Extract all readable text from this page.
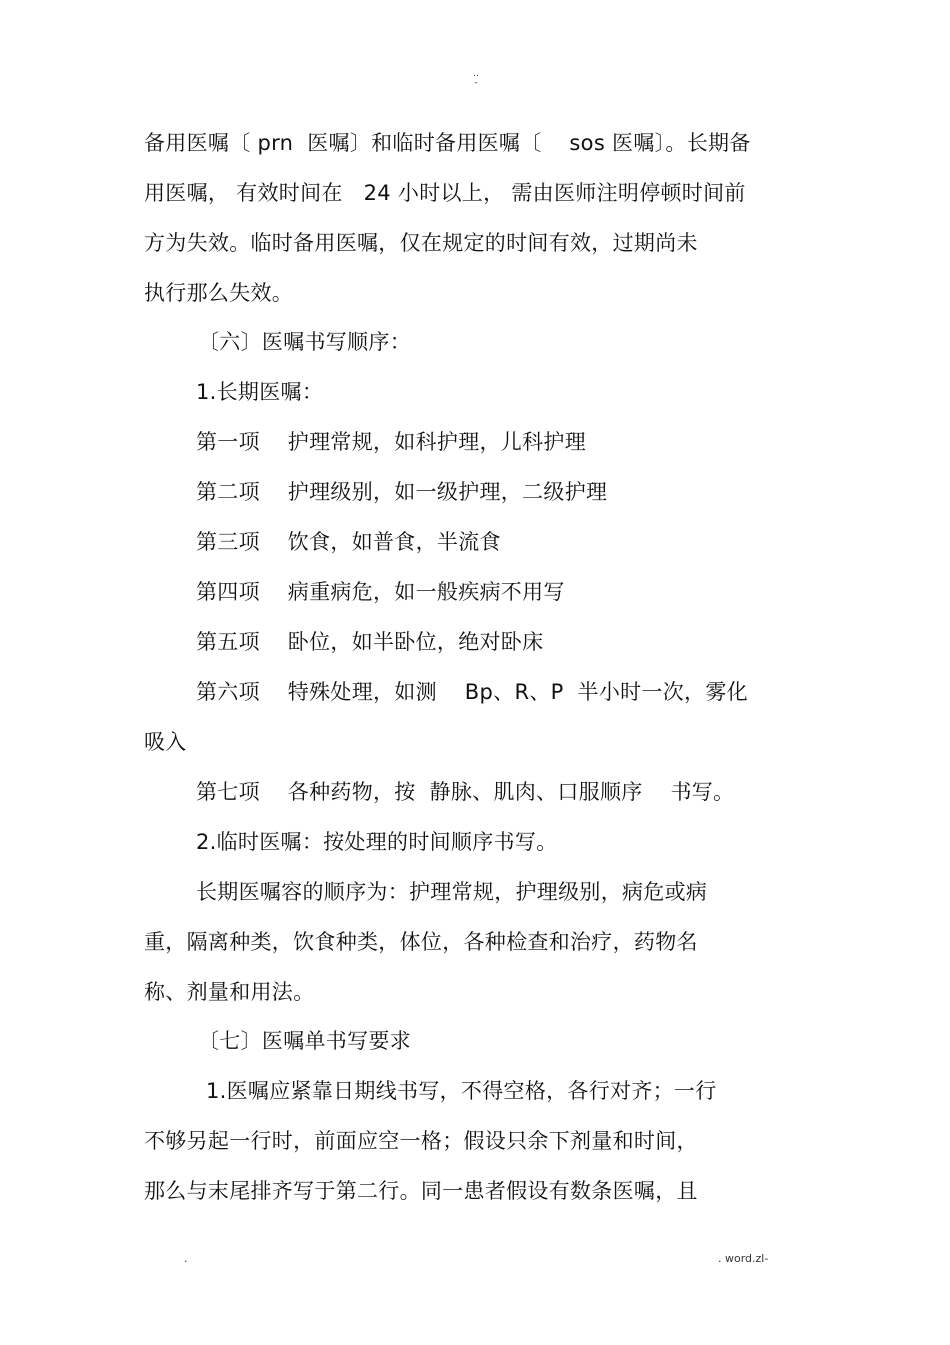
..
-
备用医嘱〔 prn  医嘱〕和临时备用医嘱〔    sos 医嘱〕。长期备
用医嘱， 有效时间在   24 小时以上， 需由医师注明停顿时间前
方为失效。临时备用医嘱，仅在规定的时间有效，过期尚未
执行那么失效。
〔六〕医嘱书写顺序：
1.长期医嘱：
第一项    护理常规，如科护理，儿科护理
第二项    护理级别，如一级护理，二级护理
第三项    饮食，如普食，半流食
第四项    病重病危，如一般疾病不用写
第五项    卧位，如半卧位，绝对卧床
第六项    特殊处理，如测    Bp、R、P  半小时一次，雾化
吸入
第七项    各种药物，按  静脉、肌肉、口服顺序    书写。
2.临时医嘱：按处理的时间顺序书写。
长期医嘱容的顺序为：护理常规，护理级别，病危或病
重，隔离种类，饮食种类，体位，各种检查和治疗，药物名
称、剂量和用法。
〔七〕医嘱单书写要求
1.医嘱应紧靠日期线书写，不得空格，各行对齐；一行
不够另起一行时，前面应空一格；假设只余下剂量和时间，
那么与末尾排齐写于第二行。同一患者假设有数条医嘱，且
.	. word.zl-
